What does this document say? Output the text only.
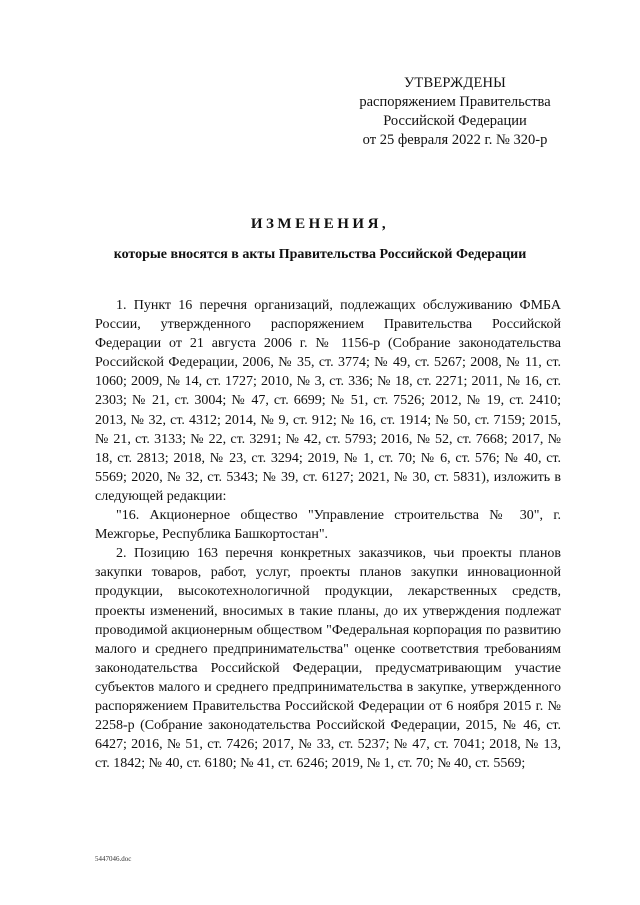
УТВЕРЖДЕНЫ
распоряжением Правительства
Российской Федерации
от 25 февраля 2022 г. № 320-р
ИЗМЕНЕНИЯ,
которые вносятся в акты Правительства Российской Федерации

1. Пункт 16 перечня организаций, подлежащих обслуживанию ФМБА России, утвержденного распоряжением Правительства Российской Федерации от 21 августа 2006 г. № 1156-р (Собрание законодательства Российской Федерации, 2006, № 35, ст. 3774; № 49, ст. 5267; 2008, № 11, ст. 1060; 2009, № 14, ст. 1727; 2010, № 3, ст. 336; № 18, ст. 2271; 2011, № 16, ст. 2303; № 21, ст. 3004; № 47, ст. 6699; № 51, ст. 7526; 2012, № 19, ст. 2410; 2013, № 32, ст. 4312; 2014, № 9, ст. 912; № 16, ст. 1914; № 50, ст. 7159; 2015, № 21, ст. 3133; № 22, ст. 3291; № 42, ст. 5793; 2016, № 52, ст. 7668; 2017, № 18, ст. 2813; 2018, № 23, ст. 3294; 2019, № 1, ст. 70; № 6, ст. 576; № 40, ст. 5569; 2020, № 32, ст. 5343; № 39, ст. 6127; 2021, № 30, ст. 5831), изложить в следующей редакции:

"16. Акционерное общество "Управление строительства № 30", г. Межгорье, Республика Башкортостан".

2. Позицию 163 перечня конкретных заказчиков, чьи проекты планов закупки товаров, работ, услуг, проекты планов закупки инновационной продукции, высокотехнологичной продукции, лекарственных средств, проекты изменений, вносимых в такие планы, до их утверждения подлежат проводимой акционерным обществом "Федеральная корпорация по развитию малого и среднего предпринимательства" оценке соответствия требованиям законодательства Российской Федерации, предусматривающим участие субъектов малого и среднего предпринимательства в закупке, утвержденного распоряжением Правительства Российской Федерации от 6 ноября 2015 г. № 2258-р (Собрание законодательства Российской Федерации, 2015, № 46, ст. 6427; 2016, № 51, ст. 7426; 2017, № 33, ст. 5237; № 47, ст. 7041; 2018, № 13, ст. 1842; № 40, ст. 6180; № 41, ст. 6246; 2019, № 1, ст. 70; № 40, ст. 5569;

5447046.doc
